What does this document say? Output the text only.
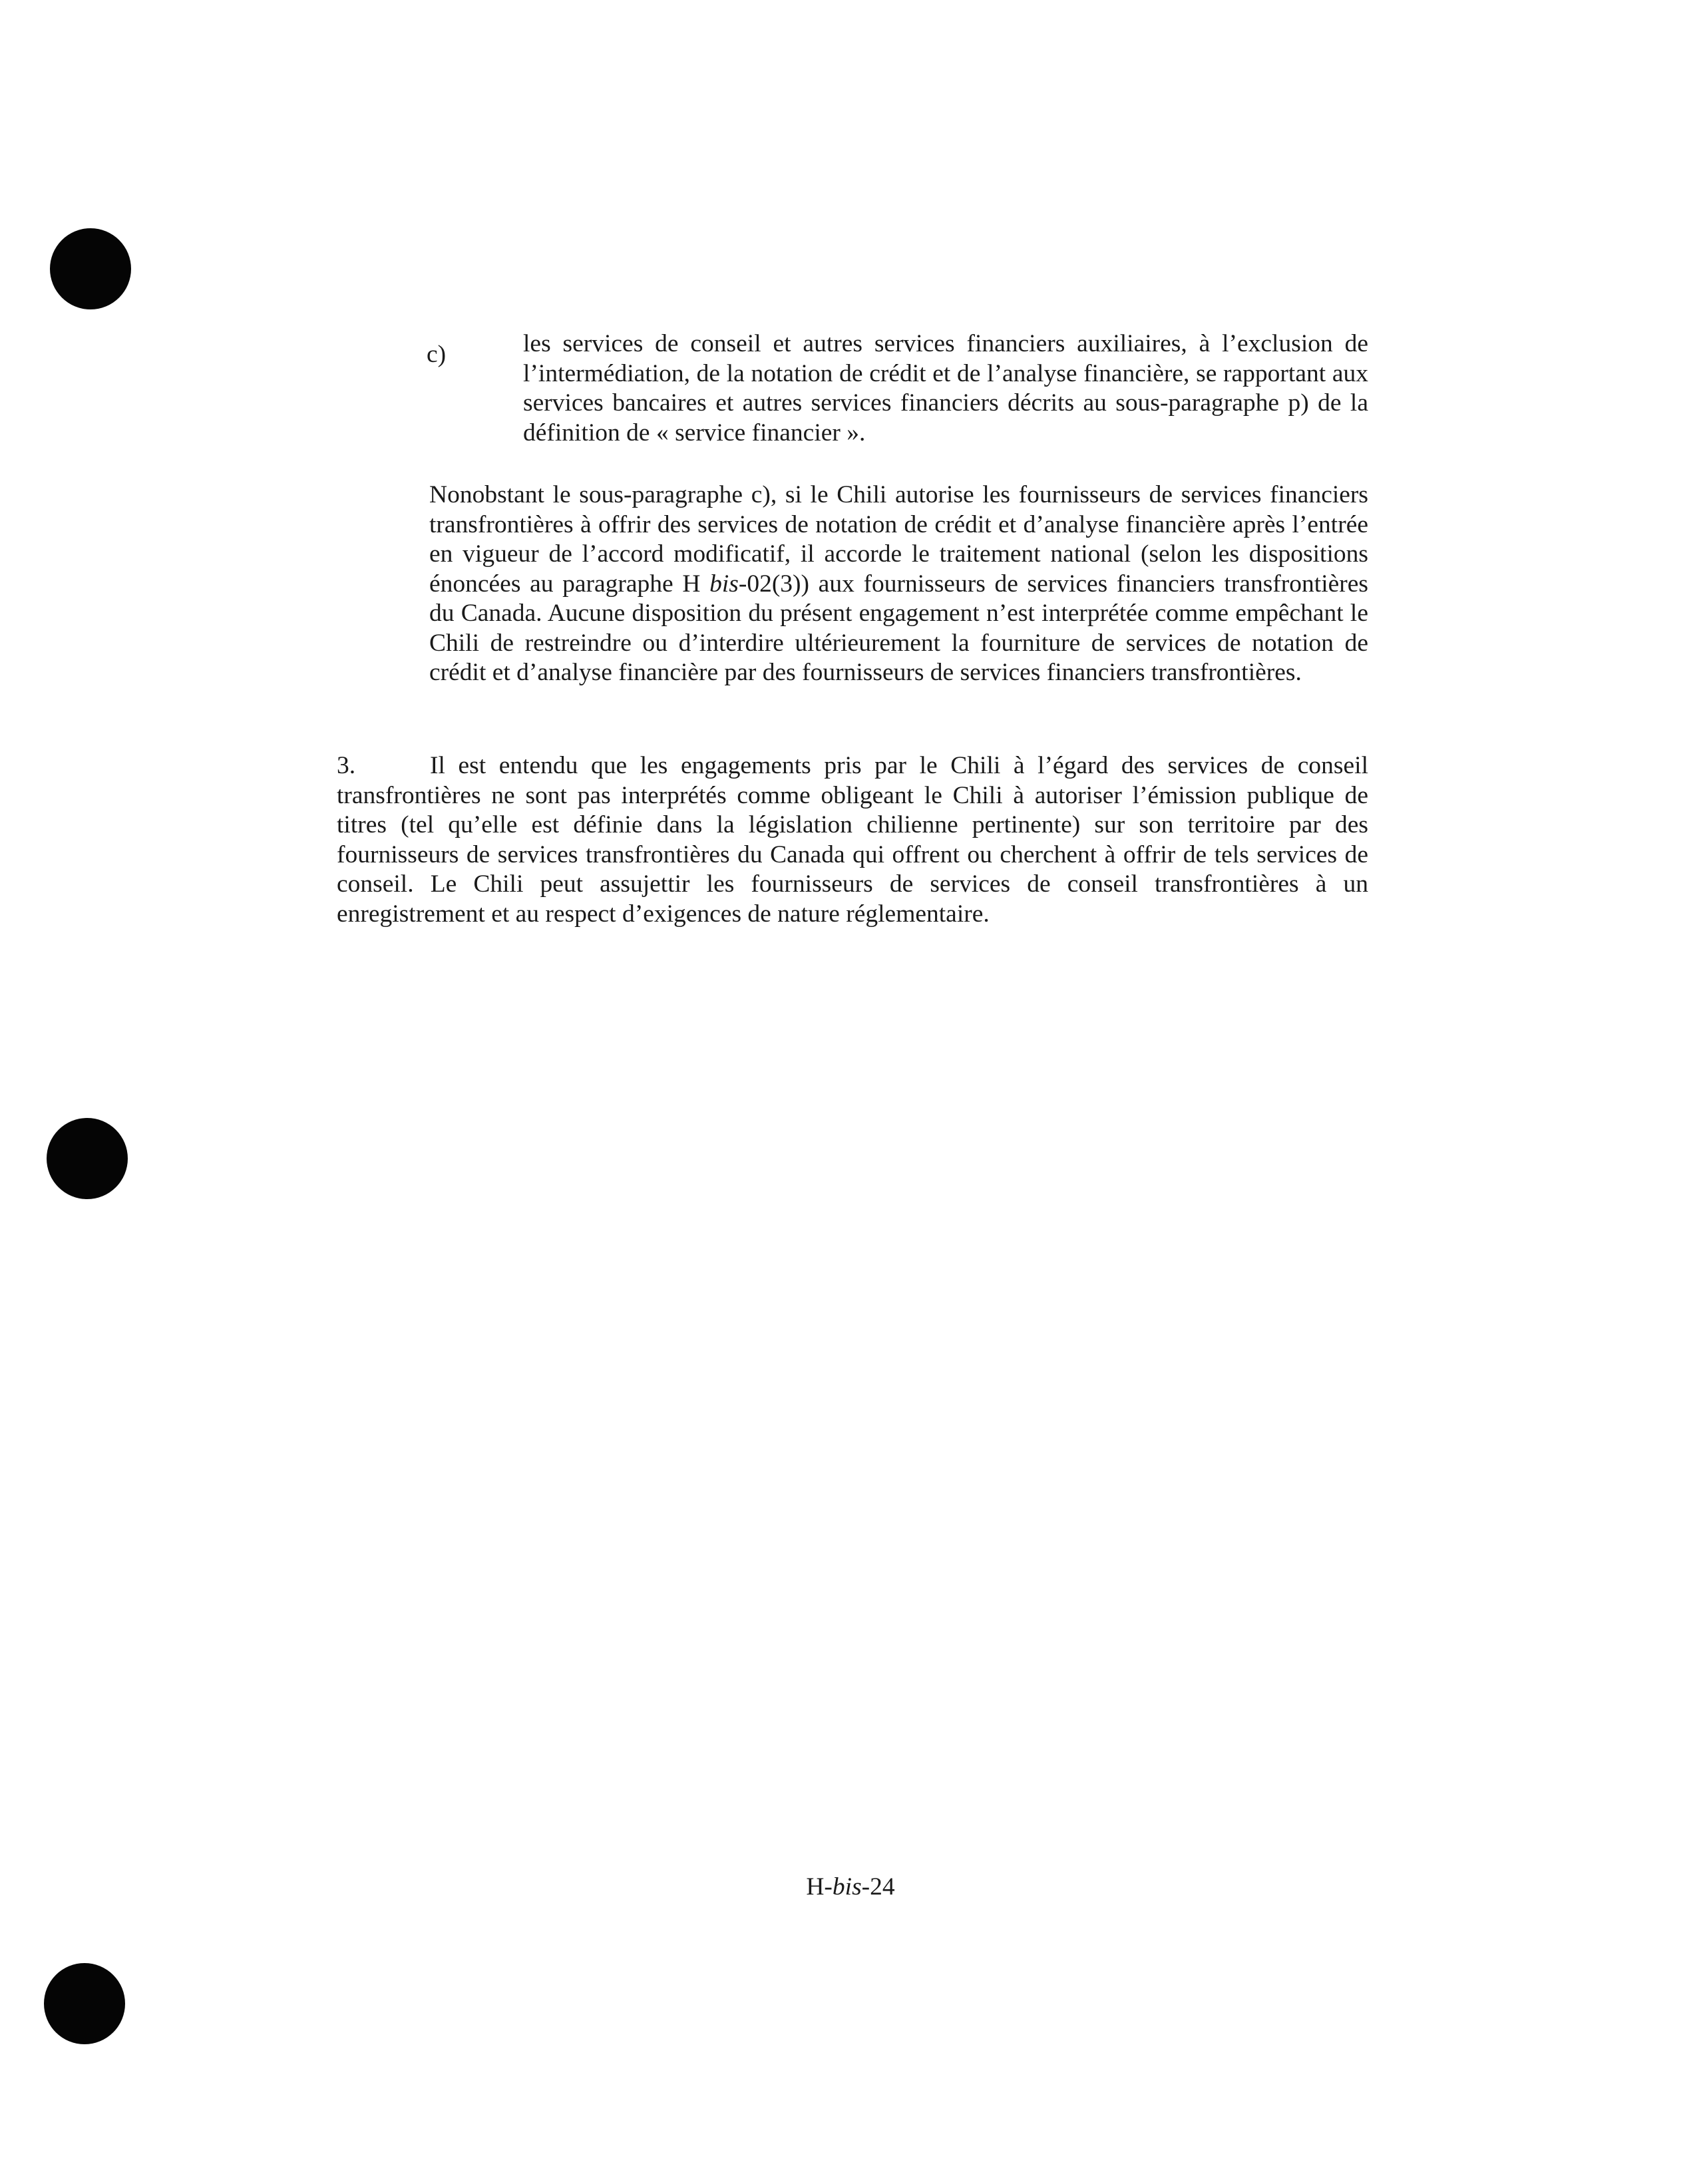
c)	les services de conseil et autres services financiers auxiliaires, à l’exclusion de l’intermédiation, de la notation de crédit et de l’analyse financière, se rapportant aux services bancaires et autres services financiers décrits au sous-paragraphe p) de la définition de « service financier ».
Nonobstant le sous-paragraphe c), si le Chili autorise les fournisseurs de services financiers transfrontières à offrir des services de notation de crédit et d’analyse financière après l’entrée en vigueur de l’accord modificatif, il accorde le traitement national (selon les dispositions énoncées au paragraphe H bis-02(3)) aux fournisseurs de services financiers transfrontières du Canada. Aucune disposition du présent engagement n’est interprétée comme empêchant le Chili de restreindre ou d’interdire ultérieurement la fourniture de services de notation de crédit et d’analyse financière par des fournisseurs de services financiers transfrontières.
3.	Il est entendu que les engagements pris par le Chili à l’égard des services de conseil transfrontières ne sont pas interprétés comme obligeant le Chili à autoriser l’émission publique de titres (tel qu’elle est définie dans la législation chilienne pertinente) sur son territoire par des fournisseurs de services transfrontières du Canada qui offrent ou cherchent à offrir de tels services de conseil. Le Chili peut assujettir les fournisseurs de services de conseil transfrontières à un enregistrement et au respect d’exigences de nature réglementaire.
H-bis-24
